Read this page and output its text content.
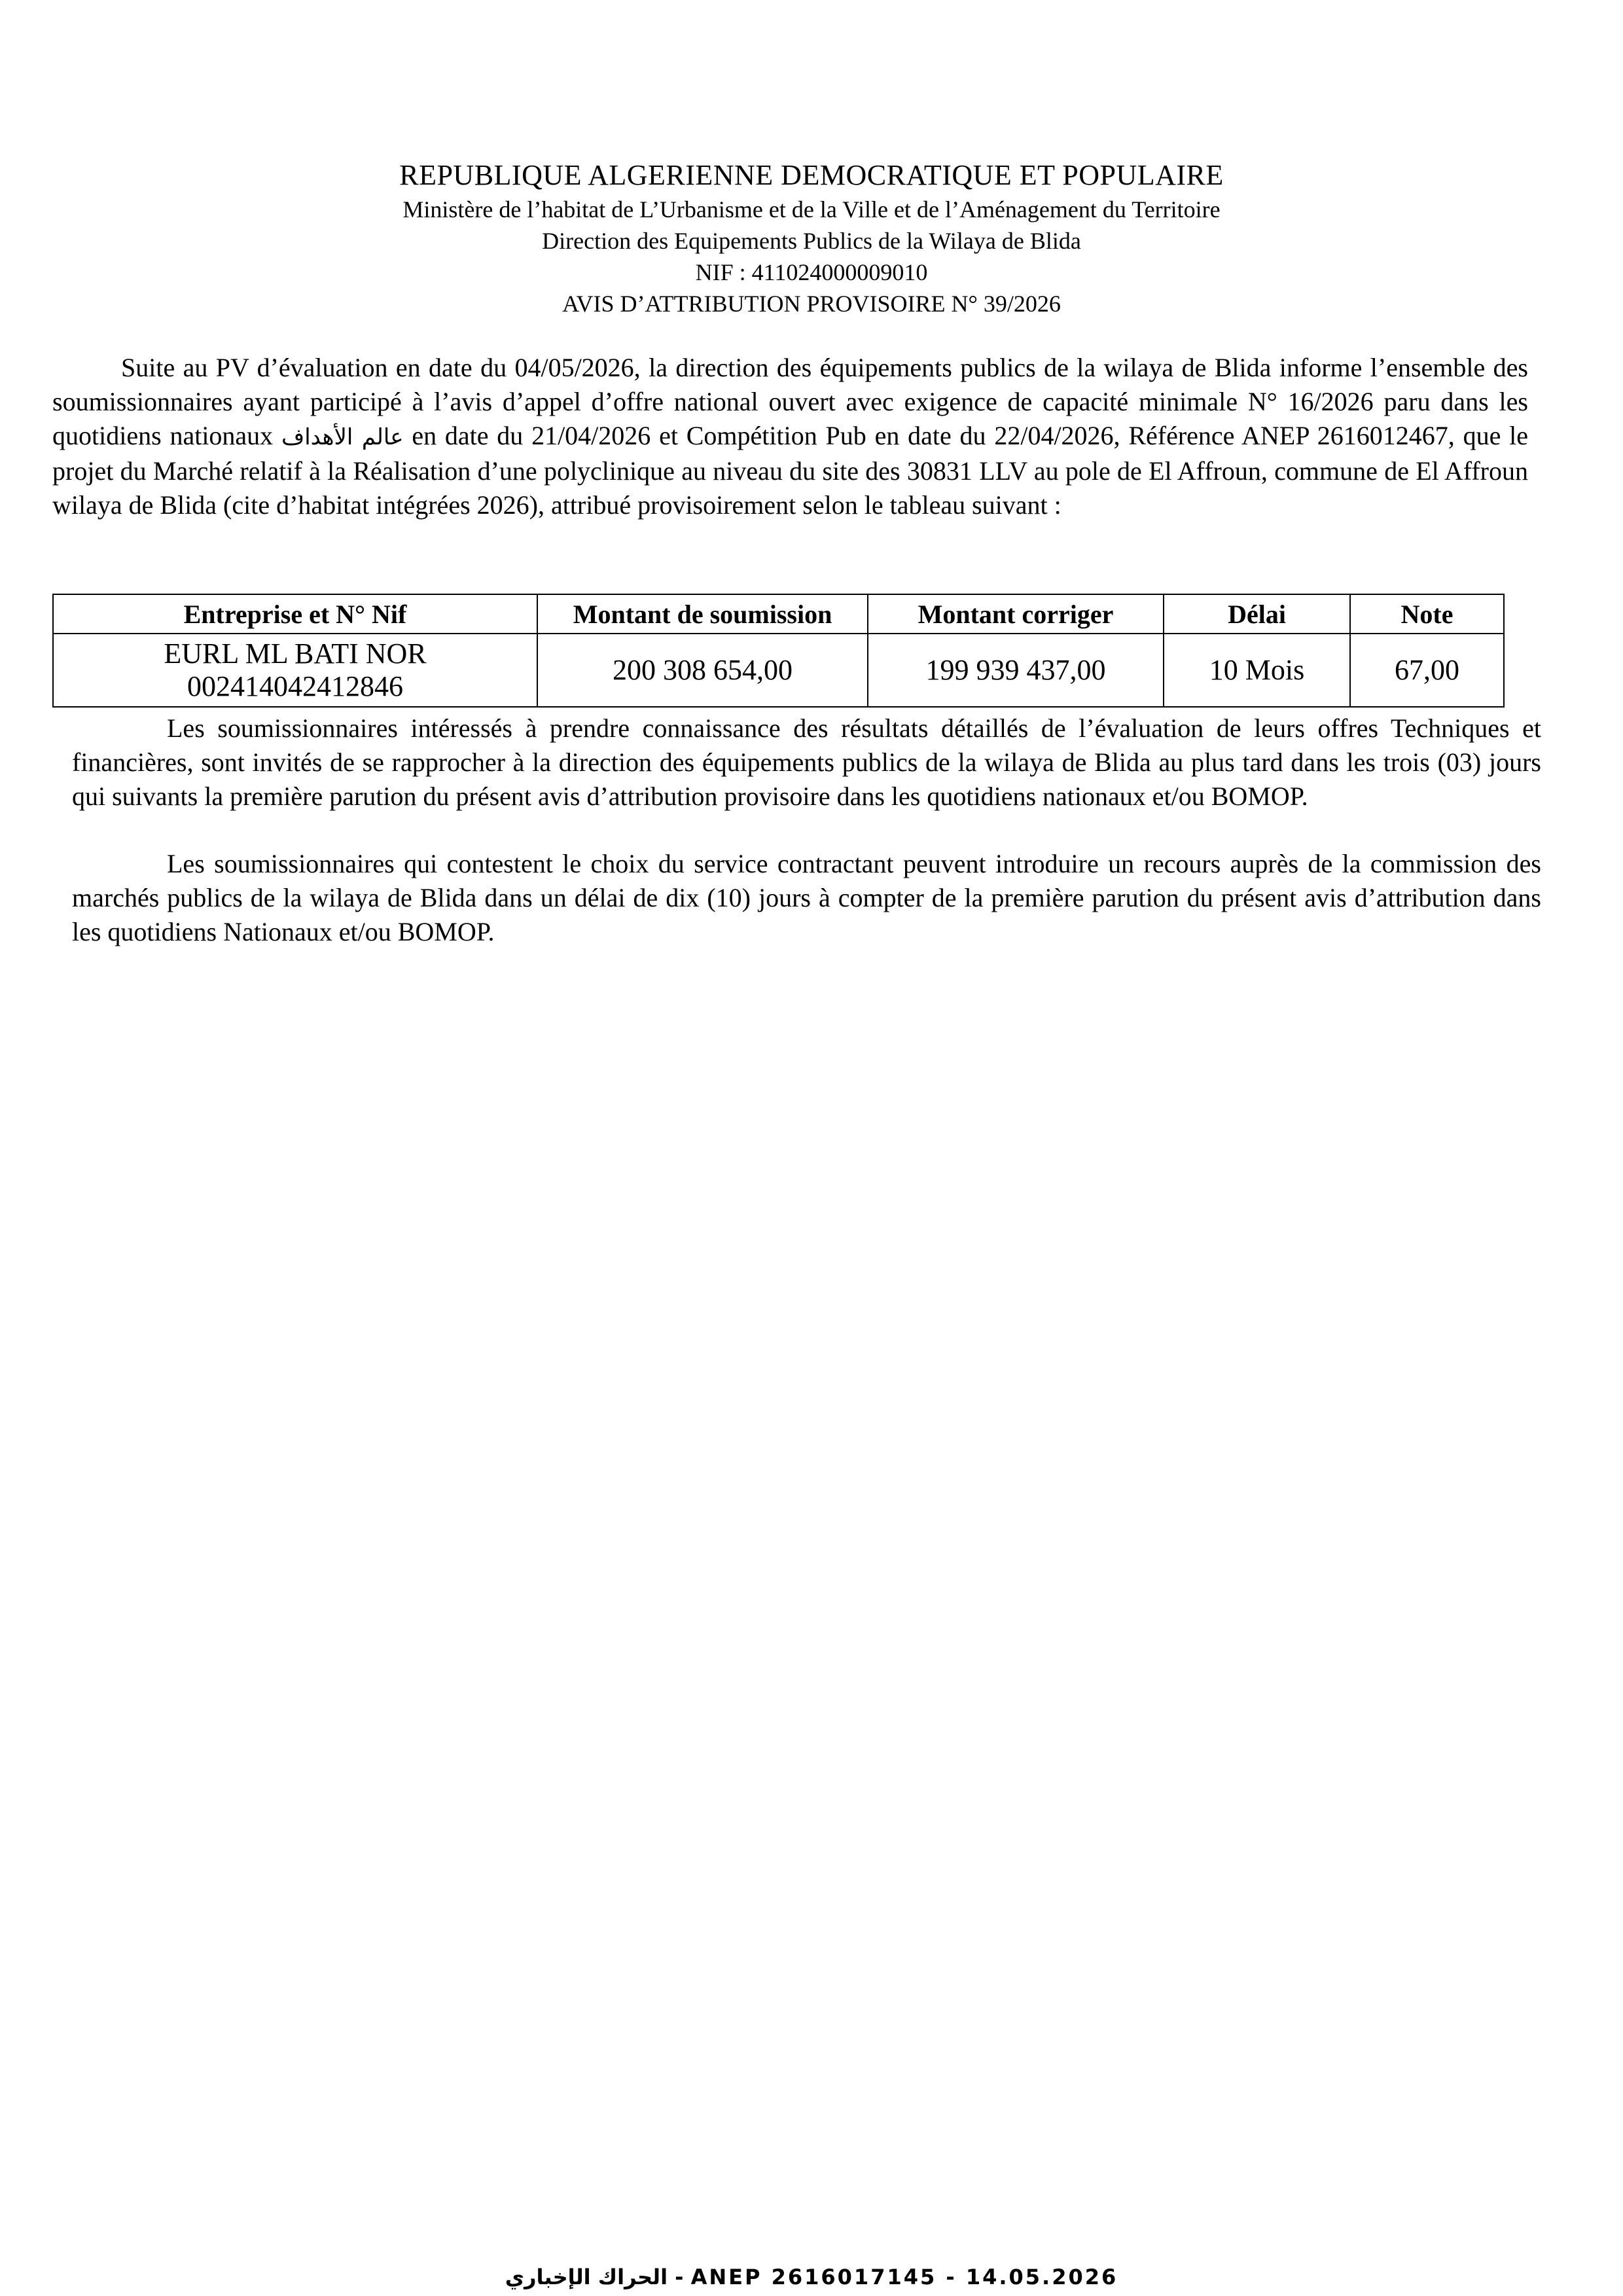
REPUBLIQUE ALGERIENNE DEMOCRATIQUE ET POPULAIRE
Ministère de l’habitat de L’Urbanisme et de la Ville et de l’Aménagement du Territoire
Direction des Equipements Publics de la Wilaya de Blida
NIF : 411024000009010
AVIS D’ATTRIBUTION PROVISOIRE N° 39/2026
Suite au PV d’évaluation en date du 04/05/2026, la direction des équipements publics de la wilaya de Blida informe l’ensemble des soumissionnaires ayant participé à l’avis d’appel d’offre national ouvert avec exigence de capacité minimale N° 16/2026 paru dans les quotidiens nationaux عالم الأهداف en date du 21/04/2026 et Compétition Pub en date du 22/04/2026, Référence ANEP 2616012467, que le projet du Marché relatif à la Réalisation d’une polyclinique au niveau du site des 30831 LLV au pole de El Affroun, commune de El Affroun wilaya de Blida (cite d’habitat intégrées 2026), attribué provisoirement selon le tableau suivant :
Entreprise et N° Nif	Montant de soumission	Montant corriger	Délai	Note

EURL ML BATI NOR
002414042412846	200 308 654,00	199 939 437,00	10 Mois	67,00
Les soumissionnaires intéressés à prendre connaissance des résultats détaillés de l’évaluation de leurs offres Techniques et financières, sont invités de se rapprocher à la direction des équipements publics de la wilaya de Blida au plus tard dans les trois (03) jours qui suivants la première parution du présent avis d’attribution provisoire dans les quotidiens nationaux et/ou BOMOP.
Les soumissionnaires qui contestent le choix du service contractant peuvent introduire un recours auprès de la commission des marchés publics de la wilaya de Blida dans un délai de dix (10) jours à compter de la première parution du présent avis d’attribution dans les quotidiens Nationaux et/ou BOMOP.
الحراك الإخباري - ANEP 2616017145 - 14.05.2026
